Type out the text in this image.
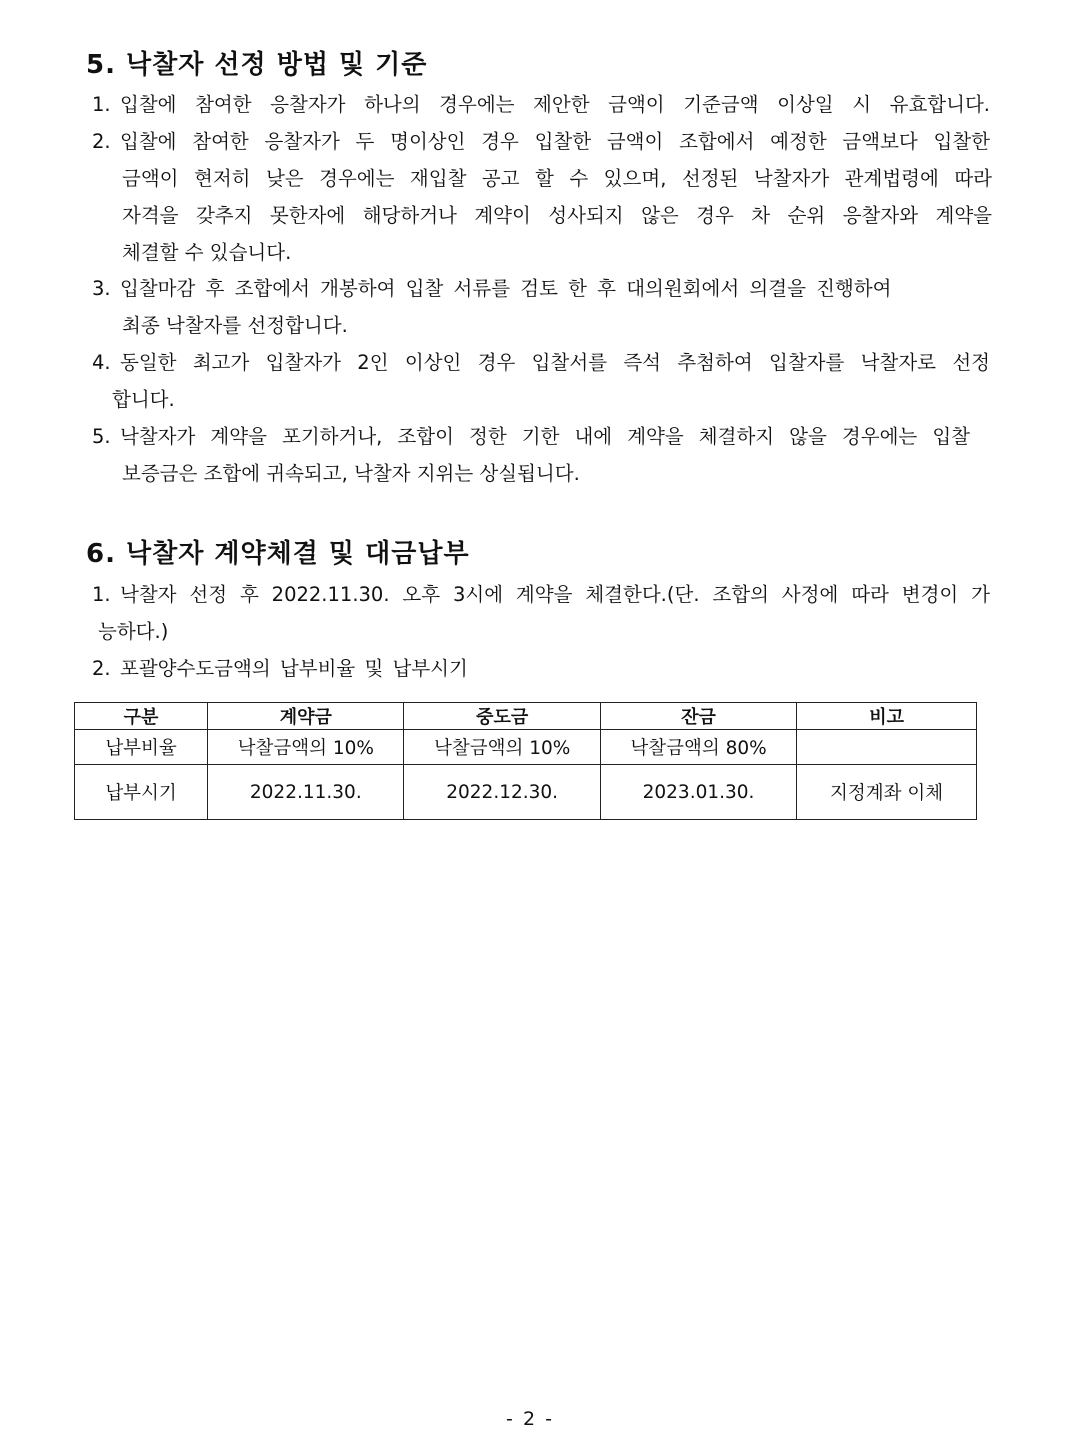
5. 낙찰자 선정 방법 및 기준
1. 입찰에 참여한 응찰자가 하나의 경우에는 제안한 금액이 기준금액 이상일 시 유효합니다.
2. 입찰에 참여한 응찰자가 두 명이상인 경우 입찰한 금액이 조합에서 예정한 금액보다 입찰한
금액이 현저히 낮은 경우에는 재입찰 공고 할 수 있으며, 선정된 낙찰자가 관계법령에 따라
자격을 갖추지 못한자에 해당하거나 계약이 성사되지 않은 경우 차 순위 응찰자와 계약을
체결할 수 있습니다.
3. 입찰마감 후 조합에서 개봉하여 입찰 서류를 검토 한 후 대의원회에서 의결을 진행하여
최종 낙찰자를 선정합니다.
4. 동일한 최고가 입찰자가 2인 이상인 경우 입찰서를 즉석 추첨하여 입찰자를 낙찰자로 선정
합니다.
5. 낙찰자가 계약을 포기하거나, 조합이 정한 기한 내에 계약을 체결하지 않을 경우에는 입찰
보증금은 조합에 귀속되고, 낙찰자 지위는 상실됩니다.
6. 낙찰자 계약체결 및 대금납부
1. 낙찰자 선정 후 2022.11.30. 오후 3시에 계약을 체결한다.(단. 조합의 사정에 따라 변경이 가
능하다.)
2. 포괄양수도금액의 납부비율 및 납부시기
구분	계약금	중도금	잔금	비고
납부비율	낙찰금액의 10%	낙찰금액의 10%	낙찰금액의 80%	
납부시기	2022.11.30.	2022.12.30.	2023.01.30.	지정계좌 이체
- 2 -
